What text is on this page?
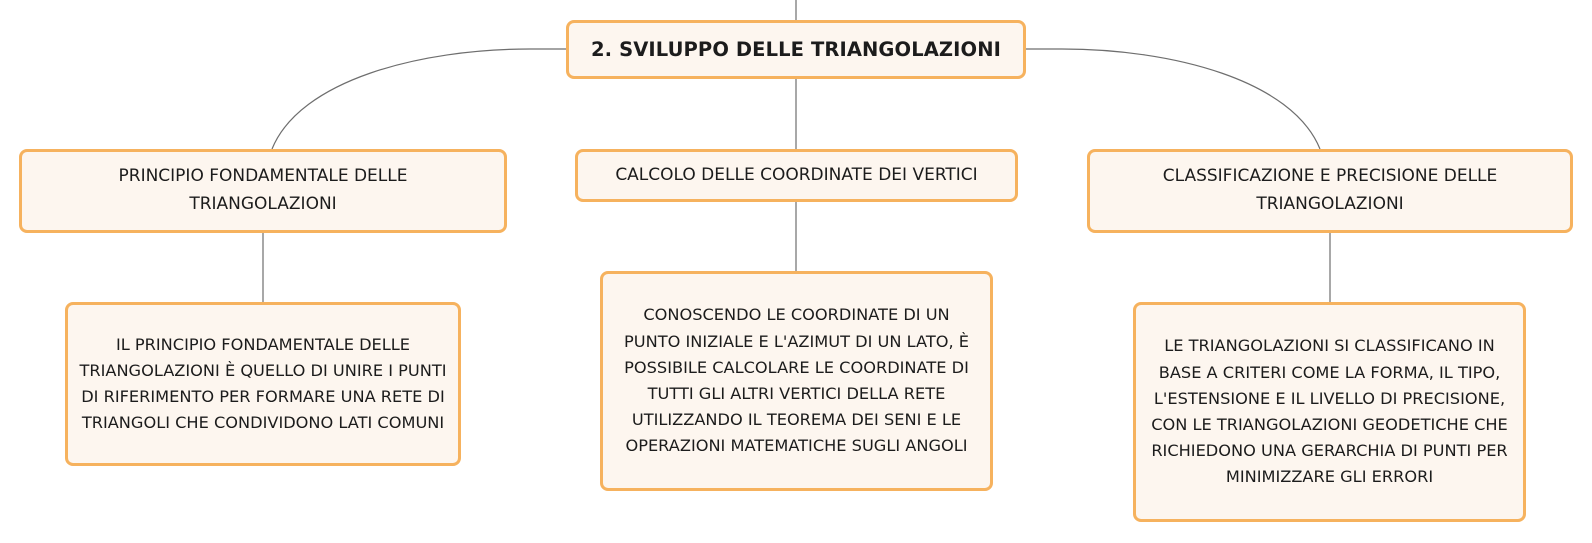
2. SVILUPPO DELLE TRIANGOLAZIONI
PRINCIPIO FONDAMENTALE DELLE TRIANGOLAZIONI
CALCOLO DELLE COORDINATE DEI VERTICI	CLASSIFICAZIONE E PRECISIONE DELLE TRIANGOLAZIONI
IL PRINCIPIO FONDAMENTALE DELLE TRIANGOLAZIONI È QUELLO DI UNIRE I PUNTI DI RIFERIMENTO PER FORMARE UNA RETE DI TRIANGOLI CHE CONDIVIDONO LATI COMUNI
CONOSCENDO LE COORDINATE DI UN PUNTO INIZIALE E L'AZIMUT DI UN LATO, È POSSIBILE CALCOLARE LE COORDINATE DI TUTTI GLI ALTRI VERTICI DELLA RETE UTILIZZANDO IL TEOREMA DEI SENI E LE OPERAZIONI MATEMATICHE SUGLI ANGOLI
LE TRIANGOLAZIONI SI CLASSIFICANO IN BASE A CRITERI COME LA FORMA, IL TIPO, L'ESTENSIONE E IL LIVELLO DI PRECISIONE, CON LE TRIANGOLAZIONI GEODETICHE CHE RICHIEDONO UNA GERARCHIA DI PUNTI PER MINIMIZZARE GLI ERRORI
